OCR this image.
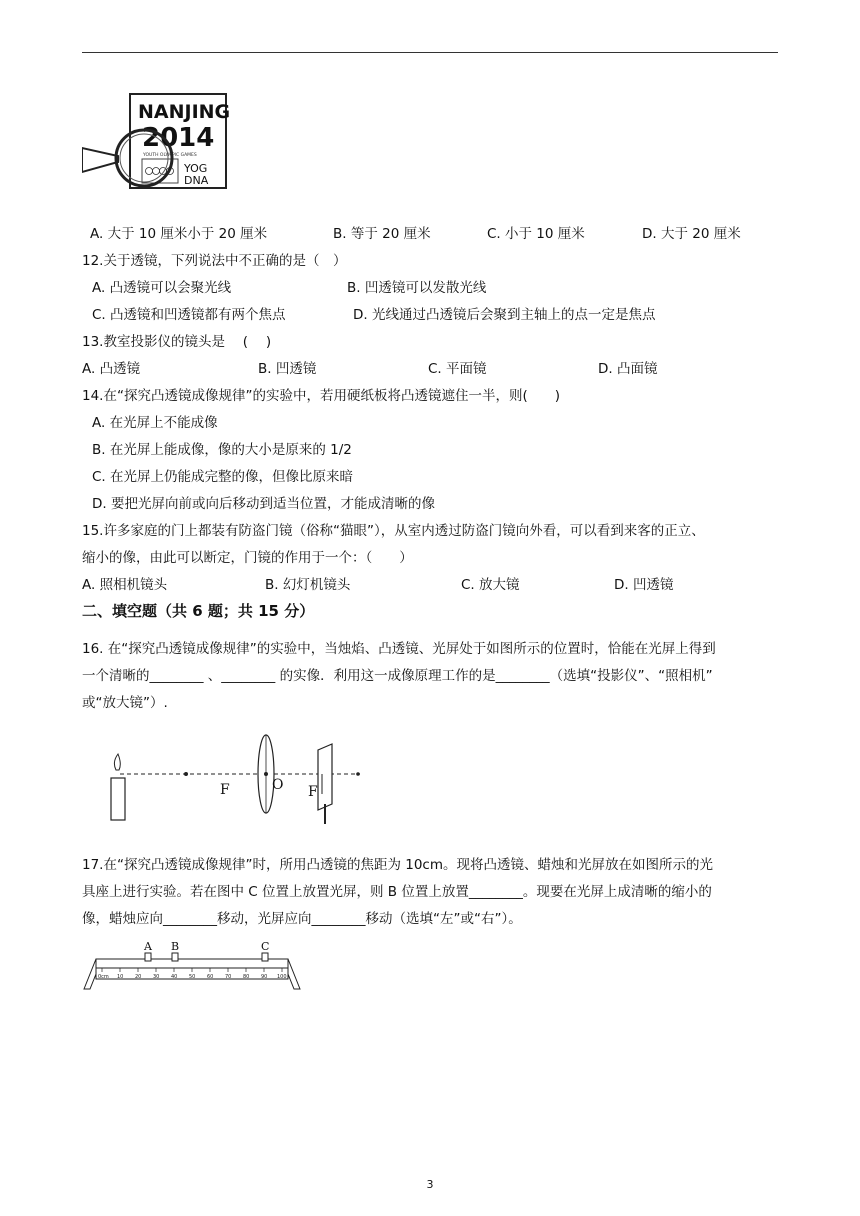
NANJING
2014
YOUTH OLYMPIC GAMES
YOG
DNA
A. 大于 10 厘米小于 20 厘米	B. 等于 20 厘米	C. 小于 10 厘米	D. 大于 20 厘米
12.关于透镜，下列说法中不正确的是（　）
A. 凸透镜可以会聚光线	B. 凹透镜可以发散光线
C. 凸透镜和凹透镜都有两个焦点	D. 光线通过凸透镜后会聚到主轴上的点一定是焦点
13.教室投影仪的镜头是　 (　 )
A. 凸透镜	B. 凹透镜	C. 平面镜	D. 凸面镜
14.在“探究凸透镜成像规律”的实验中，若用硬纸板将凸透镜遮住一半，则(　　)
A. 在光屏上不能成像
B. 在光屏上能成像，像的大小是原来的 1/2
C. 在光屏上仍能成完整的像，但像比原来暗
D. 要把光屏向前或向后移动到适当位置，才能成清晰的像
15.许多家庭的门上都装有防盗门镜（俗称“猫眼”），从室内透过防盗门镜向外看，可以看到来客的正立、
缩小的像，由此可以断定，门镜的作用于一个：（　　）
A. 照相机镜头	B. 幻灯机镜头	C. 放大镜	D. 凹透镜
二、填空题（共 6 题；共 15 分）
16. 在“探究凸透镜成像规律”的实验中，当烛焰、凸透镜、光屏处于如图所示的位置时，恰能在光屏上得到
一个清晰的________ 、________ 的实像．利用这一成像原理工作的是________（选填“投影仪”、“照相机”
或“放大镜”）.
F	O F
17.在“探究凸透镜成像规律”时，所用凸透镜的焦距为 10cm。现将凸透镜、蜡烛和光屏放在如图所示的光
具座上进行实验。若在图中 C 位置上放置光屏，则 B 位置上放置________。现要在光屏上成清晰的缩小的
像，蜡烛应向________移动，光屏应向________移动（选填“左”或“右”）。
0cm 10 20 30 40 50 60 70 80 90 100
A B	C
3
